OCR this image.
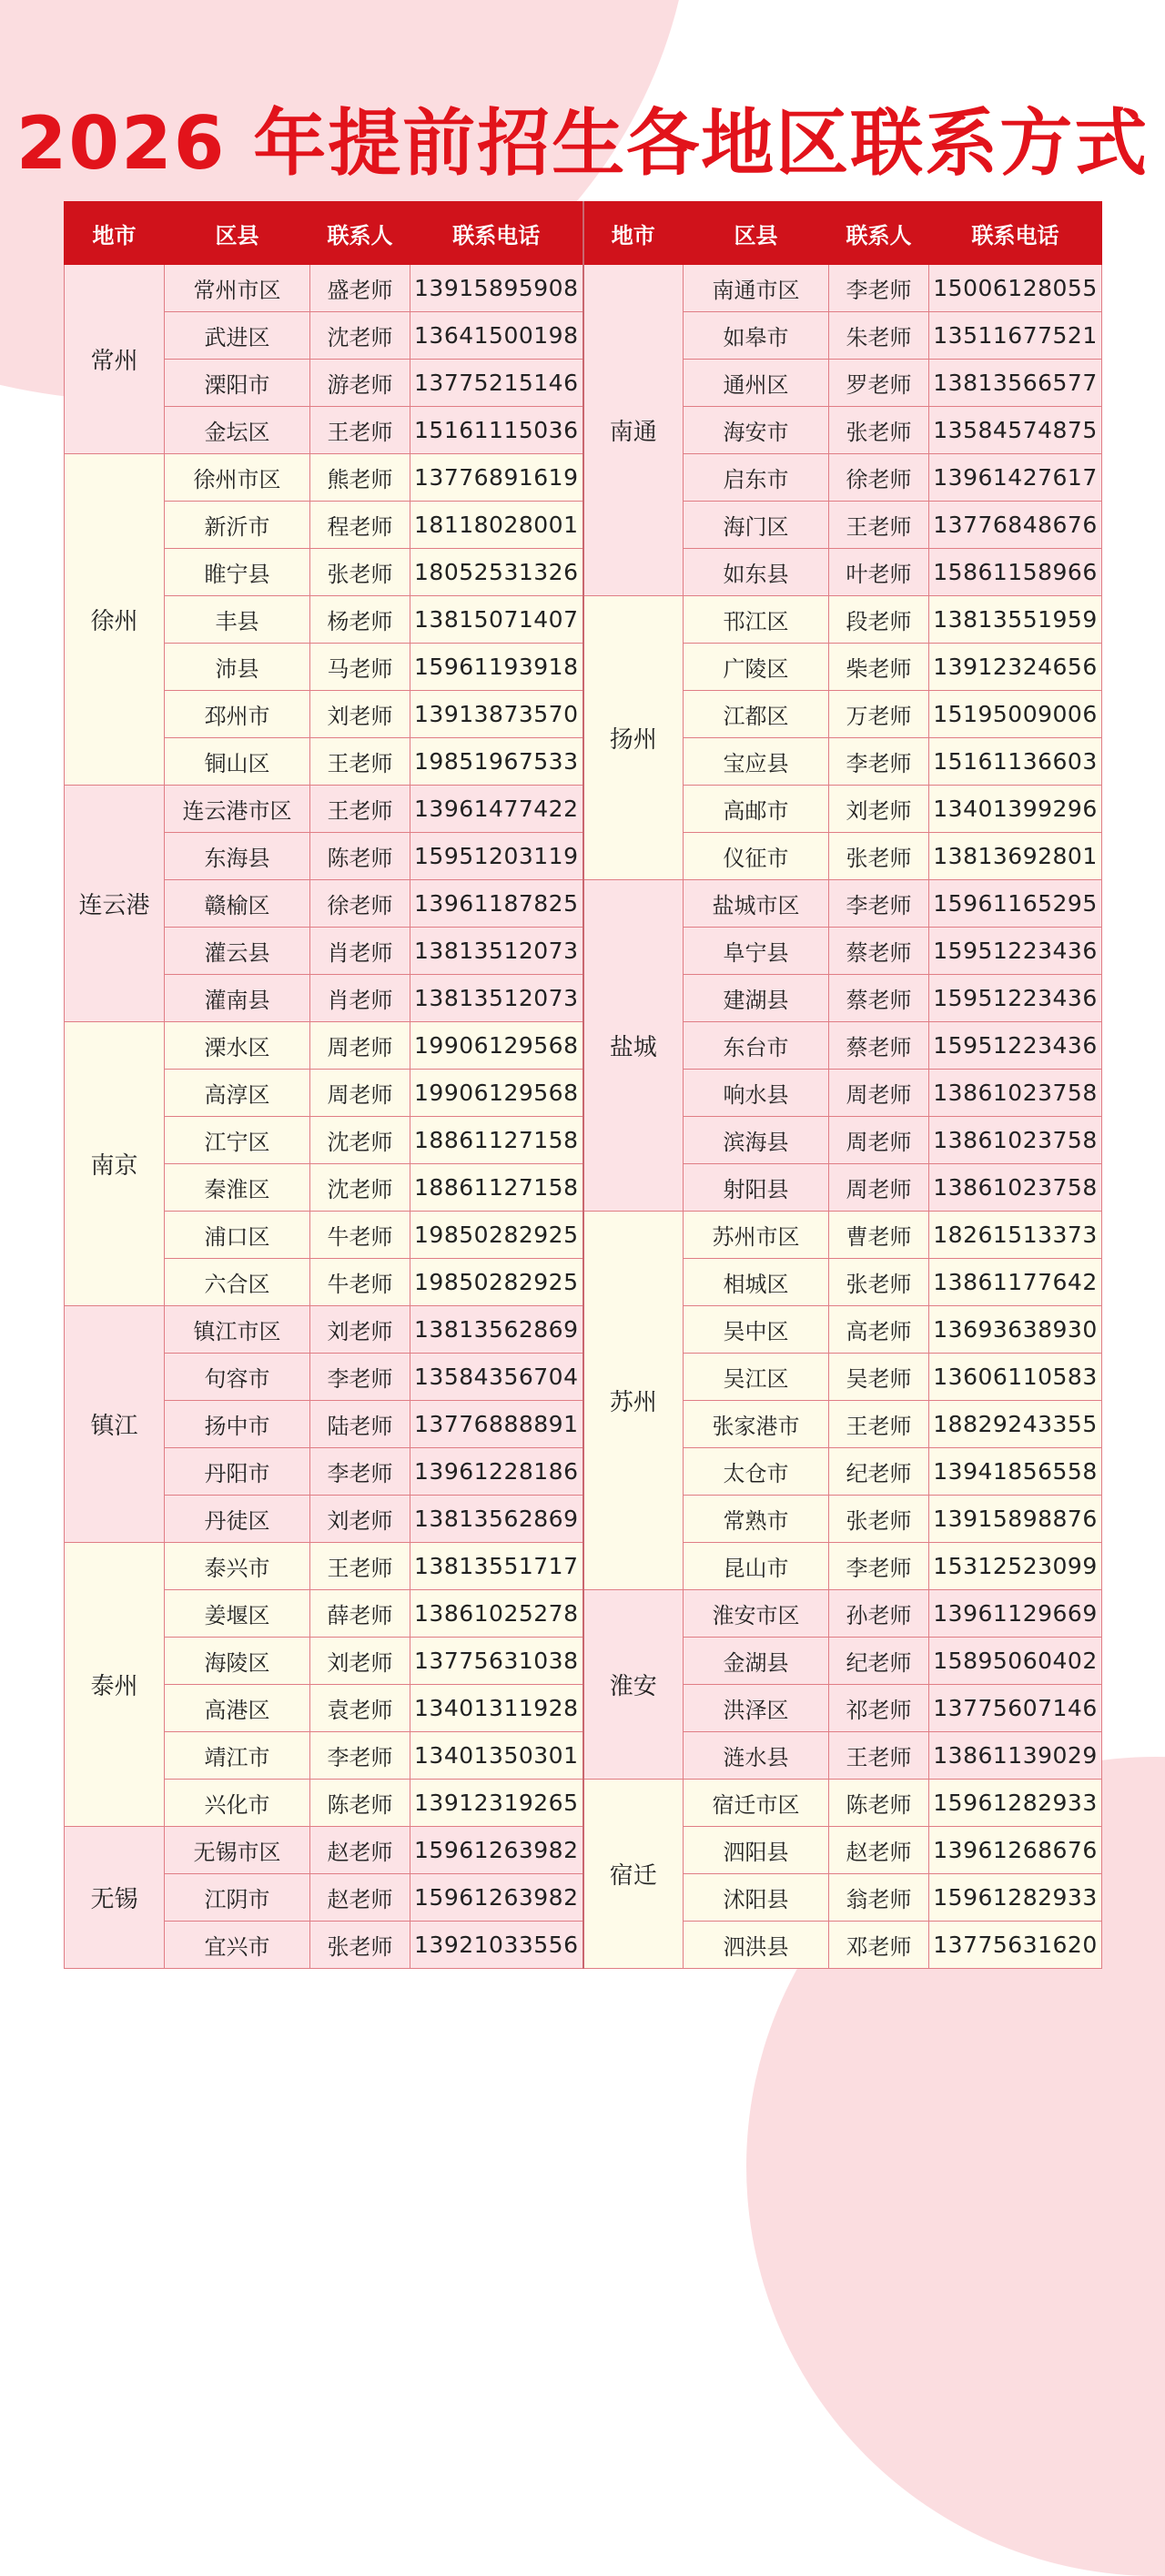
2026 年提前招生各地区联系方式
地市	区县	联系人	联系电话	地市	区县	联系人	联系电话
常州	常州市区	盛老师	13915895908	南通	南通市区	李老师	15006128055
	武进区	沈老师	13641500198		如皋市	朱老师	13511677521
	溧阳市	游老师	13775215146		通州区	罗老师	13813566577
	金坛区	王老师	15161115036		海安市	张老师	13584574875
徐州	徐州市区	熊老师	13776891619		启东市	徐老师	13961427617
	新沂市	程老师	18118028001		海门区	王老师	13776848676
	睢宁县	张老师	18052531326		如东县	叶老师	15861158966
	丰县	杨老师	13815071407	扬州	邗江区	段老师	13813551959
	沛县	马老师	15961193918		广陵区	柴老师	13912324656
	邳州市	刘老师	13913873570		江都区	万老师	15195009006
	铜山区	王老师	19851967533		宝应县	李老师	15161136603
连云港	连云港市区	王老师	13961477422		高邮市	刘老师	13401399296
	东海县	陈老师	15951203119		仪征市	张老师	13813692801
	赣榆区	徐老师	13961187825	盐城	盐城市区	李老师	15961165295
	灌云县	肖老师	13813512073		阜宁县	蔡老师	15951223436
	灌南县	肖老师	13813512073		建湖县	蔡老师	15951223436
南京	溧水区	周老师	19906129568		东台市	蔡老师	15951223436
	高淳区	周老师	19906129568		响水县	周老师	13861023758
	江宁区	沈老师	18861127158		滨海县	周老师	13861023758
	秦淮区	沈老师	18861127158		射阳县	周老师	13861023758
	浦口区	牛老师	19850282925	苏州	苏州市区	曹老师	18261513373
	六合区	牛老师	19850282925		相城区	张老师	13861177642
镇江	镇江市区	刘老师	13813562869		吴中区	高老师	13693638930
	句容市	李老师	13584356704		吴江区	吴老师	13606110583
	扬中市	陆老师	13776888891		张家港市	王老师	18829243355
	丹阳市	李老师	13961228186		太仓市	纪老师	13941856558
	丹徒区	刘老师	13813562869		常熟市	张老师	13915898876
泰州	泰兴市	王老师	13813551717		昆山市	李老师	15312523099
	姜堰区	薛老师	13861025278	淮安	淮安市区	孙老师	13961129669
	海陵区	刘老师	13775631038		金湖县	纪老师	15895060402
	高港区	袁老师	13401311928		洪泽区	祁老师	13775607146
	靖江市	李老师	13401350301		涟水县	王老师	13861139029
	兴化市	陈老师	13912319265	宿迁	宿迁市区	陈老师	15961282933
无锡	无锡市区	赵老师	15961263982		泗阳县	赵老师	13961268676
	江阴市	赵老师	15961263982		沭阳县	翁老师	15961282933
	宜兴市	张老师	13921033556		泗洪县	邓老师	13775631620
